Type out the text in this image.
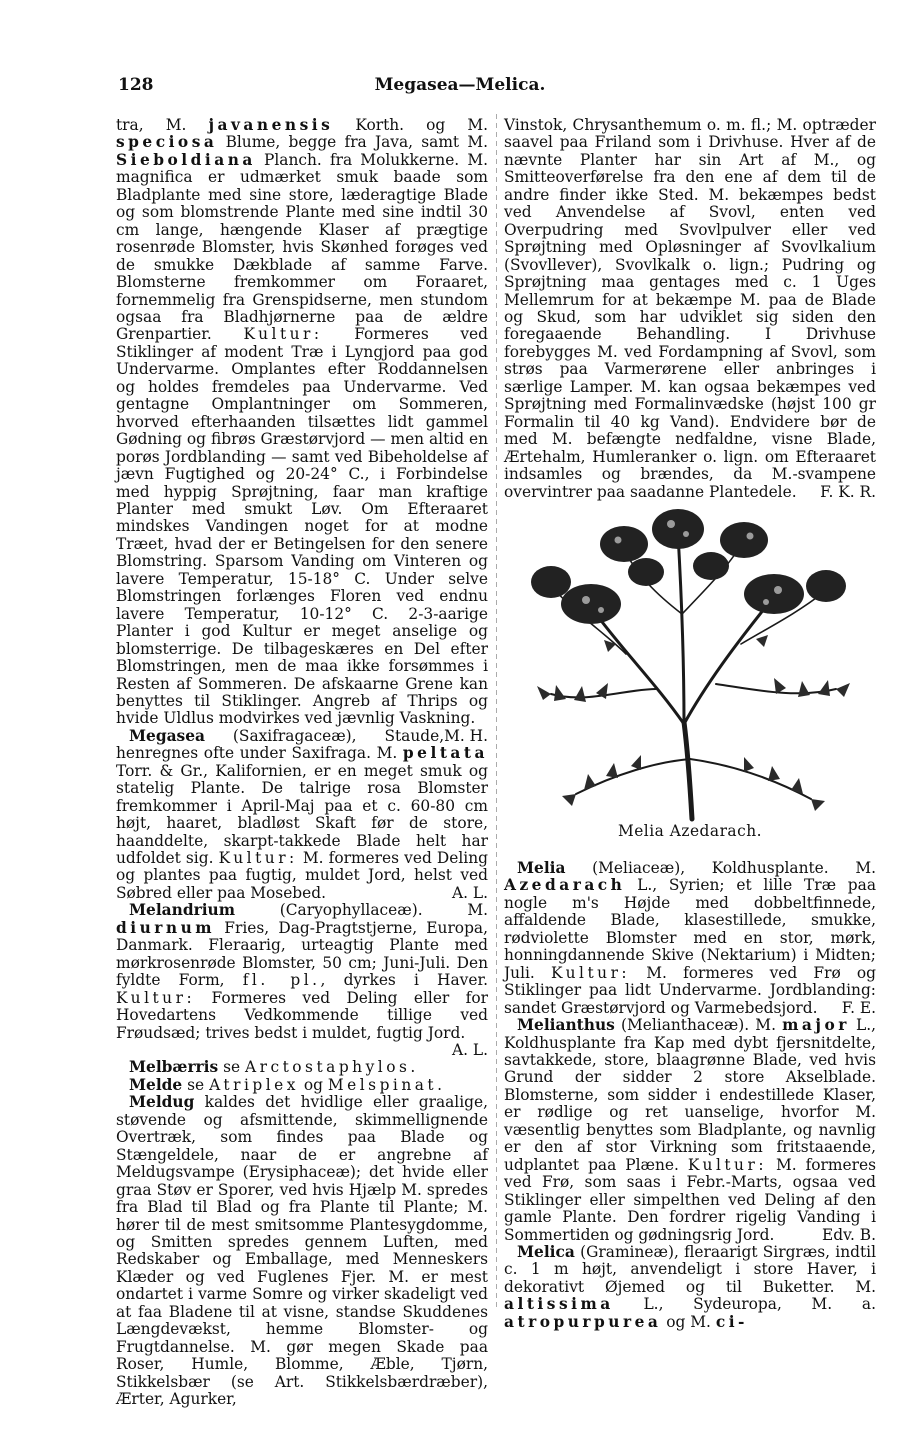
128	Megasea—Melica.

tra, M. javanensis Korth. og M. speciosa Blume, begge fra Java, samt M. Sieboldiana Planch. fra Molukkerne. M. magnifica er udmærket smuk baade som Bladplante med sine store, læderagtige Blade og som blomstrende Plante med sine indtil 30 cm lange, hængende Klaser af prægtige rosenrøde Blomster, hvis Skønhed forøges ved de smukke Dækblade af samme Farve. Blomsterne fremkommer om Foraaret, fornemmelig fra Grenspidserne, men stundom ogsaa fra Bladhjørnerne paa de ældre Grenpartier. Kultur: Formeres ved Stiklinger af modent Træ i Lyngjord paa god Undervarme. Omplantes efter Roddannelsen og holdes fremdeles paa Undervarme. Ved gentagne Omplantninger om Sommeren, hvorved efterhaanden tilsættes lidt gammel Gødning og fibrøs Græstørvjord — men altid en porøs Jordblanding — samt ved Bibeholdelse af jævn Fugtighed og 20-24° C., i Forbindelse med hyppig Sprøjtning, faar man kraftige Planter med smukt Løv. Om Efteraaret mindskes Vandingen noget for at modne Træet, hvad der er Betingelsen for den senere Blomstring. Sparsom Vanding om Vinteren og lavere Temperatur, 15-18° C. Under selve Blomstringen forlænges Floren ved endnu lavere Temperatur, 10-12° C. 2-3-aarige Planter i god Kultur er meget anselige og blomsterrige. De tilbageskæres en Del efter Blomstringen, men de maa ikke forsømmes i Resten af Sommeren. De afskaarne Grene kan benyttes til Stiklinger. Angreb af Thrips og hvide Uldlus modvirkes ved jævnlig Vaskning.
M. H.

Megasea (Saxifragaceæ), Staude, henregnes ofte under Saxifraga. M. peltata Torr. & Gr., Kalifornien, er en meget smuk og statelig Plante. De talrige rosa Blomster fremkommer i April-Maj paa et c. 60-80 cm højt, haaret, bladløst Skaft før de store, haanddelte, skarpt-takkede Blade helt har udfoldet sig. Kultur: M. formeres ved Deling og plantes paa fugtig, muldet Jord, helst ved Søbred eller paa Mosebed.	A. L.

Melandrium	(Caryophyllaceæ). M. diurnum Fries, Dag-Pragtstjerne, Europa, Danmark. Fleraarig, urteagtig Plante med mørkrosenrøde Blomster, 50 cm; Juni-Juli. Den fyldte Form, fl. pl., dyrkes i Haver. Kultur: Formeres ved Deling eller for Hovedartens Vedkommende tillige ved Frøudsæd; trives bedst i muldet, fugtig Jord.

A. L.

Melbærris se Arctostaphylos.

Melde se Atriplex og Melspinat.

Meldug kaldes det hvidlige eller graalige, støvende og afsmittende, skimmellignende Overtræk, som findes paa Blade og Stængeldele, naar de er angrebne af Meldugsvampe (Erysiphaceæ); det hvide eller graa Støv er Sporer, ved hvis Hjælp M. spredes fra Blad til Blad og fra Plante til Plante; M. hører til de mest smitsomme Plantesygdomme, og Smitten spredes gennem Luften, med Redskaber og Emballage, med Menneskers Klæder og ved Fuglenes Fjer. M. er mest ondartet i varme Somre og virker skadeligt ved at faa Bladene til at visne, standse Skuddenes Længdevækst, hemme Blomster- og Frugtdannelse. M. gør megen Skade paa Roser, Humle, Blomme, Æble, Tjørn, Stikkelsbær (se Art. Stikkelsbærdræber), Ærter, Agurker,

Vinstok, Chrysanthemum o. m. fl.; M. optræder saavel paa Friland som i Drivhuse. Hver af de nævnte Planter har sin Art af M., og Smitteoverførelse fra den ene af dem til de andre finder ikke Sted. M. bekæmpes bedst ved Anvendelse af Svovl, enten ved Overpudring med Svovlpulver eller ved Sprøjtning med Opløsninger af Svovlkalium (Svovllever), Svovlkalk o. lign.; Pudring og Sprøjtning maa gentages med c. 1 Uges Mellemrum for at bekæmpe M. paa de Blade og Skud, som har udviklet sig siden den foregaaende Behandling. I Drivhuse forebygges M. ved Fordampning af Svovl, som strøs paa Varmerørene eller anbringes i særlige Lamper. M. kan ogsaa bekæmpes ved Sprøjtning med Formalinvædske (højst 100 gr Formalin til 40 kg Vand). Endvidere bør de med M. befængte nedfaldne, visne Blade, Ærtehalm, Humleranker o. lign. om Efteraaret indsamles og brændes, da M.-svampene overvintrer paa saadanne Plantedele. F. K. R.

Melia Azedarach.

Melia (Meliaceæ), Koldhusplante. M. Azedarach L., Syrien; et lille Træ paa nogle m's Højde med dobbeltfinnede, affaldende Blade, klasestillede, smukke, rødviolette Blomster med en stor, mørk, honningdannende Skive (Nektarium) i Midten; Juli. Kultur: M. formeres ved Frø og Stiklinger paa lidt Undervarme. Jordblanding: sandet Græstørvjord og Varmebedsjord.	F. E.

Melianthus (Melianthaceæ). M. major L., Koldhusplante fra Kap med dybt fjersnitdelte, savtakkede, store, blaagrønne Blade, ved hvis Grund der sidder 2 store Akselblade. Blomsterne, som sidder i endestillede Klaser, er rødlige og ret uanselige, hvorfor M. væsentlig benyttes som Bladplante, og navnlig er den af stor Virkning som fritstaaende, udplantet paa Plæne. Kultur: M. formeres ved Frø, som saas i Febr.-Marts, ogsaa ved Stiklinger eller simpelthen ved Deling af den gamle Plante. Den fordrer rigelig Vanding i Sommertiden og gødningsrig Jord.	Edv. B.

Melica (Gramineæ), fleraarigt Sirgræs, indtil c. 1 m højt, anvendeligt i store Haver, i dekorativt Øjemed og til Buketter. M. altissima L., Sydeuropa, M. a. atropurpurea og M. ci-
